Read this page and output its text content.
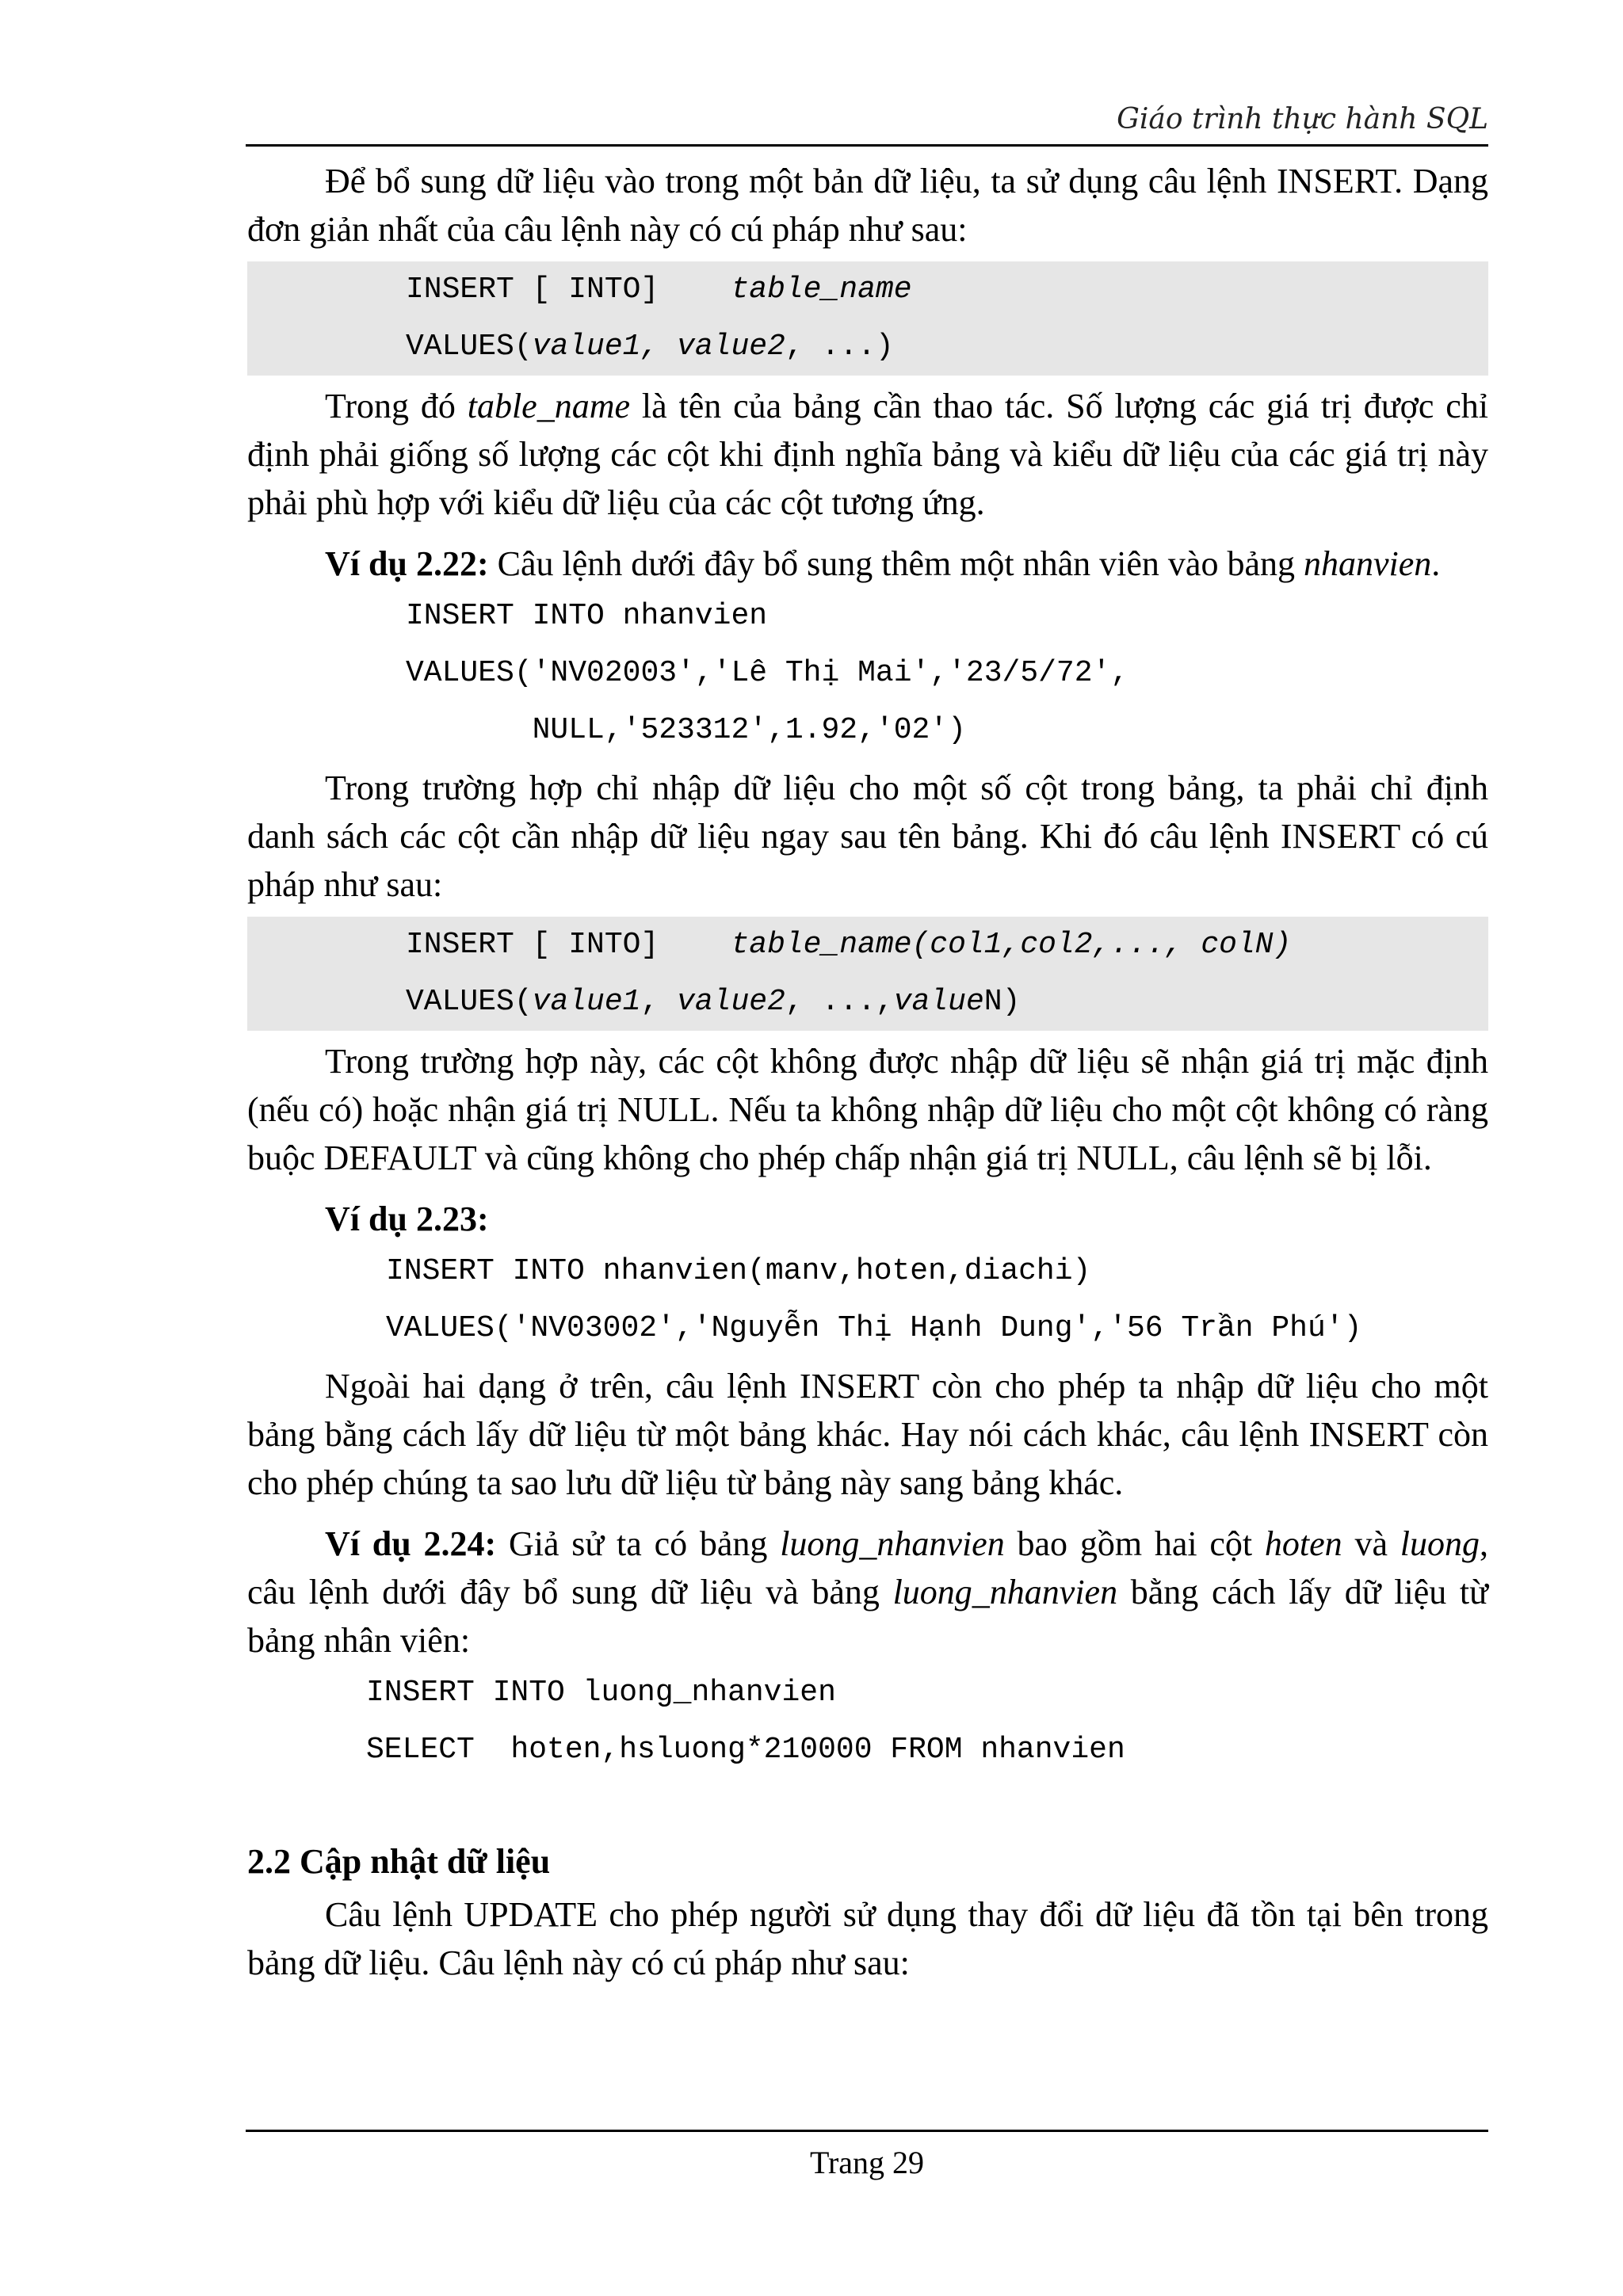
Giáo trình thực hành SQL

Để bổ sung dữ liệu vào trong một bản dữ liệu, ta sử dụng câu lệnh INSERT. Dạng đơn giản nhất của câu lệnh này có cú pháp như sau:

INSERT [ INTO]    table_name
VALUES(value1, value2, ...)

Trong đó table_name là tên của bảng cần thao tác. Số lượng các giá trị được chỉ định phải giống số lượng các cột khi định nghĩa bảng và kiểu dữ liệu của các giá trị này phải phù hợp với kiểu dữ liệu của các cột tương ứng.

Ví dụ 2.22: Câu lệnh dưới đây bổ sung thêm một nhân viên vào bảng nhanvien.

INSERT INTO nhanvien
VALUES('NV02003','Lê Thị Mai','23/5/72',
NULL,'523312',1.92,'02')

Trong trường hợp chỉ nhập dữ liệu cho một số cột trong bảng, ta phải chỉ định danh sách các cột cần nhập dữ liệu ngay sau tên bảng. Khi đó câu lệnh INSERT có cú pháp như sau:

INSERT [ INTO]    table_name(col1,col2,..., colN)
VALUES(value1, value2, ...,valueN)

Trong trường hợp này, các cột không được nhập dữ liệu sẽ nhận giá trị mặc định (nếu có) hoặc nhận giá trị NULL. Nếu ta không nhập dữ liệu cho một cột không có ràng buộc DEFAULT và cũng không cho phép chấp nhận giá trị NULL, câu lệnh sẽ bị lỗi.

Ví dụ 2.23:

INSERT INTO nhanvien(manv,hoten,diachi)
VALUES('NV03002','Nguyễn Thị Hạnh Dung','56 Trần Phú')

Ngoài hai dạng ở trên, câu lệnh INSERT còn cho phép ta nhập dữ liệu cho một bảng bằng cách lấy dữ liệu từ một bảng khác. Hay nói cách khác, câu lệnh INSERT còn cho phép chúng ta sao lưu dữ liệu từ bảng này sang bảng khác.

Ví dụ 2.24: Giả sử ta có bảng luong_nhanvien bao gồm hai cột hoten và luong, câu lệnh dưới đây bổ sung dữ liệu và bảng luong_nhanvien bằng cách lấy dữ liệu từ bảng nhân viên:

INSERT INTO luong_nhanvien
SELECT  hoten,hsluong*210000 FROM nhanvien
2.2 Cập nhật dữ liệu

Câu lệnh UPDATE cho phép người sử dụng thay đổi dữ liệu đã tồn tại bên trong bảng dữ liệu. Câu lệnh này có cú pháp như sau:

Trang 29
